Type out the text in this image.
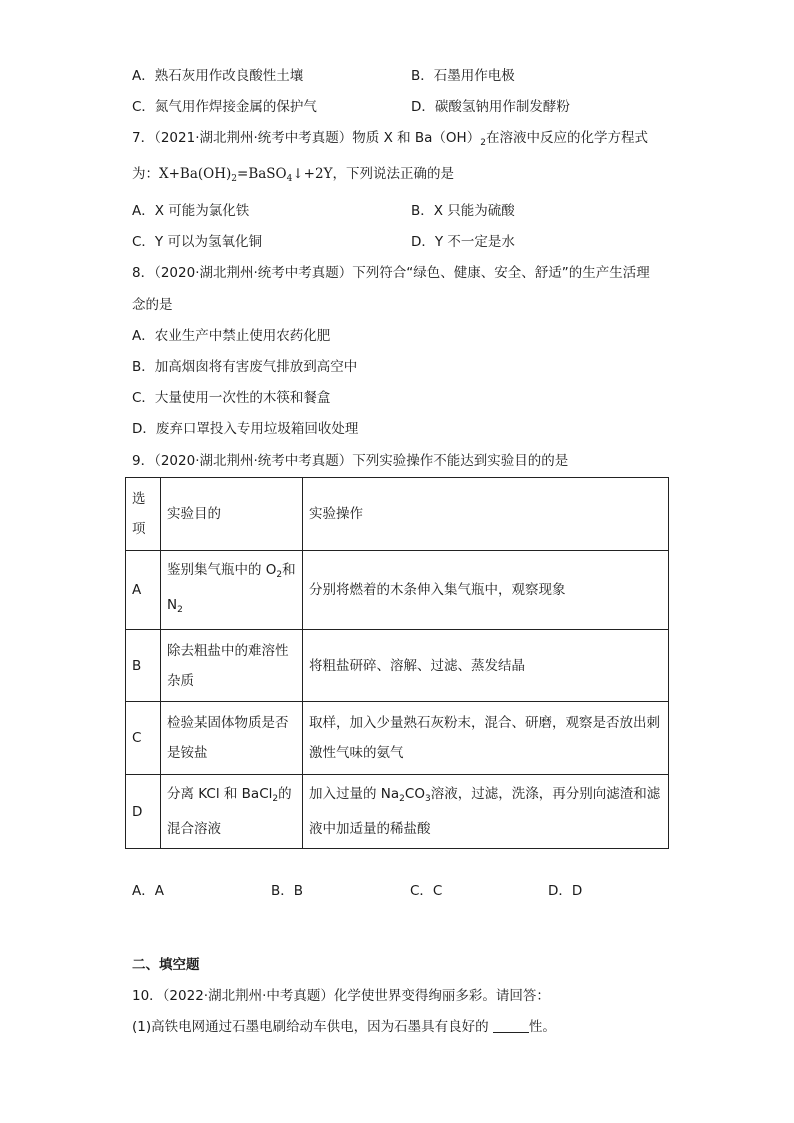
A．熟石灰用作改良酸性土壤	B．石墨用作电极
C．氮气用作焊接金属的保护气	D．碳酸氢钠用作制发酵粉
7．（2021·湖北荆州·统考中考真题）物质 X 和 $Ba(OH)_2$在溶液中反应的化学方程式
为：$X+Ba(OH)_2=BaSO_4↓+2Y$，下列说法正确的是
A．X 可能为氯化铁	B．X 只能为硫酸
C．Y 可以为氢氧化铜	D．Y 不一定是水
8．（2020·湖北荆州·统考中考真题）下列符合“绿色、健康、安全、舒适”的生产生活理
念的是
A．农业生产中禁止使用农药化肥
B．加高烟囱将有害废气排放到高空中
C．大量使用一次性的木筷和餐盒
D．废弃口罩投入专用垃圾箱回收处理
9．（2020·湖北荆州·统考中考真题）下列实验操作不能达到实验目的的是
选项	实验目的	实验操作
A	鉴别集气瓶中的 $O_2$和 $N_2$	分别将燃着的木条伸入集气瓶中，观察现象
B	除去粗盐中的难溶性杂质	将粗盐研碎、溶解、过滤、蒸发结晶
C	检验某固体物质是否是铵盐	取样，加入少量熟石灰粉末，混合、研磨，观察是否放出刺激性气味的氨气
D	分离 KCl 和 BaCl$_2$的混合溶液	加入过量的 $Na_2CO_3$溶液，过滤，洗涤，再分别向滤渣和滤液中加适量的稀盐酸
A．A	B．B	C．C	D．D
二、填空题
10．（2022·湖北荆州·中考真题）化学使世界变得绚丽多彩。请回答：
(1)高铁电网通过石墨电刷给动车供电，因为石墨具有良好的	性。
